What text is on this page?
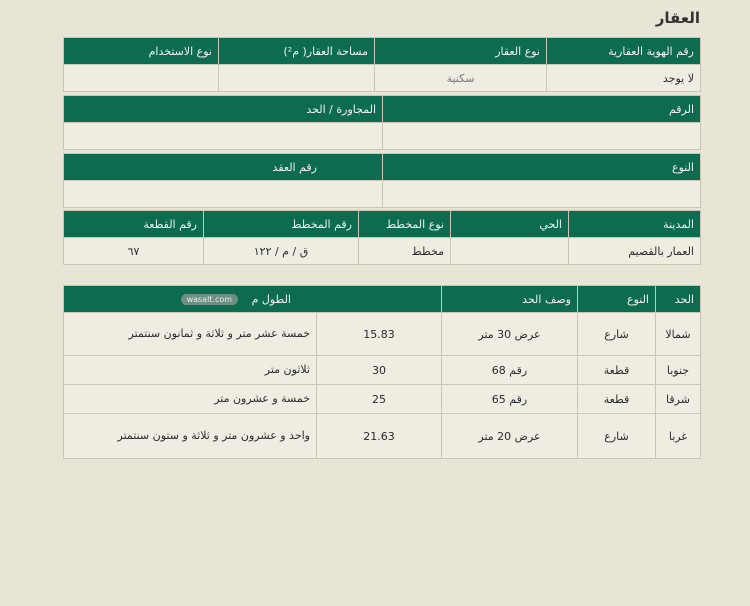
العقار
رقم الهوية العقارية	نوع العقار	مساحة العقار( م²)	نوع الاستخدام
لا يوجد	سكنية		
الرقم	المجاورة / الحد

النوع	رقم العقد

المدينة	الحي	نوع المخطط	رقم المخطط	رقم القطعة
العمار بالقصيم		مخطط	ق / م / ١٢٢	٦٧
الحد	النوع	وصف الحد	الطول م wasalt.com	
شمالا	شارع	عرض 30 متر	15.83	خمسة عشر متر و ثلاثة و ثمانون سنتمتر
جنوبا	قطعة	رقم 68	30	ثلاثون متر
شرقا	قطعة	رقم 65	25	خمسة و عشرون متر
غربا	شارع	عرض 20 متر	21.63	واحد و عشرون متر و ثلاثة و ستون سنتمتر
